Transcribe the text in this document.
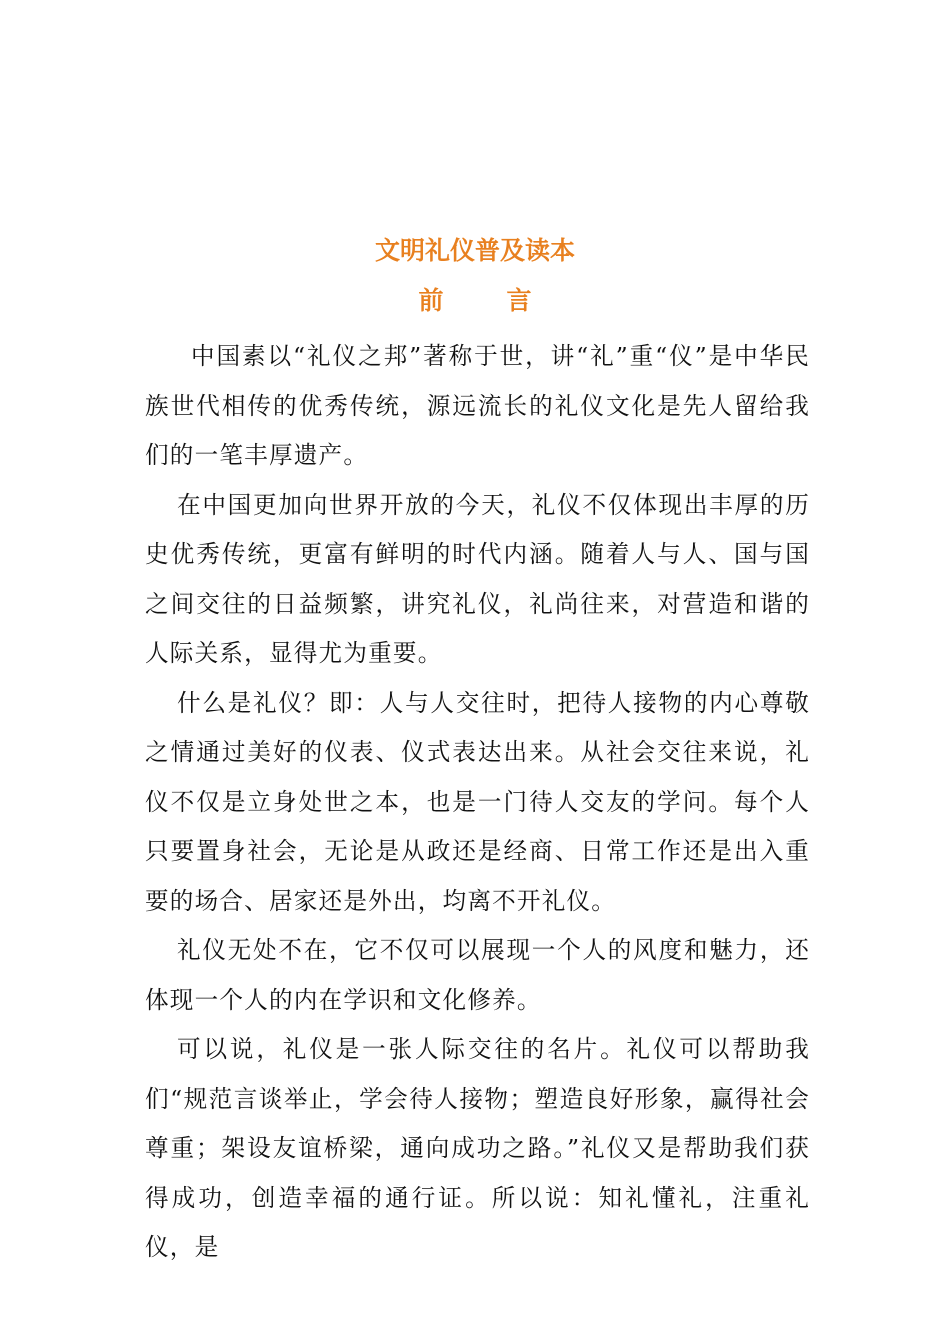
文明礼仪普及读本
前	言

中国素以“礼仪之邦”著称于世，讲“礼”重“仪”是中华民族世代相传的优秀传统，源远流长的礼仪文化是先人留给我们的一笔丰厚遗产。

在中国更加向世界开放的今天，礼仪不仅体现出丰厚的历史优秀传统，更富有鲜明的时代内涵。随着人与人、国与国之间交往的日益频繁，讲究礼仪，礼尚往来，对营造和谐的人际关系，显得尤为重要。

什么是礼仪？即：人与人交往时，把待人接物的内心尊敬之情通过美好的仪表、仪式表达出来。从社会交往来说，礼仪不仅是立身处世之本，也是一门待人交友的学问。每个人只要置身社会，无论是从政还是经商、日常工作还是出入重要的场合、居家还是外出，均离不开礼仪。

礼仪无处不在，它不仅可以展现一个人的风度和魅力，还体现一个人的内在学识和文化修养。

可以说，礼仪是一张人际交往的名片。礼仪可以帮助我们“规范言谈举止，学会待人接物；塑造良好形象，赢得社会尊重；架设友谊桥梁，通向成功之路。”礼仪又是帮助我们获得成功，创造幸福的通行证。所以说：知礼懂礼，注重礼仪，是
